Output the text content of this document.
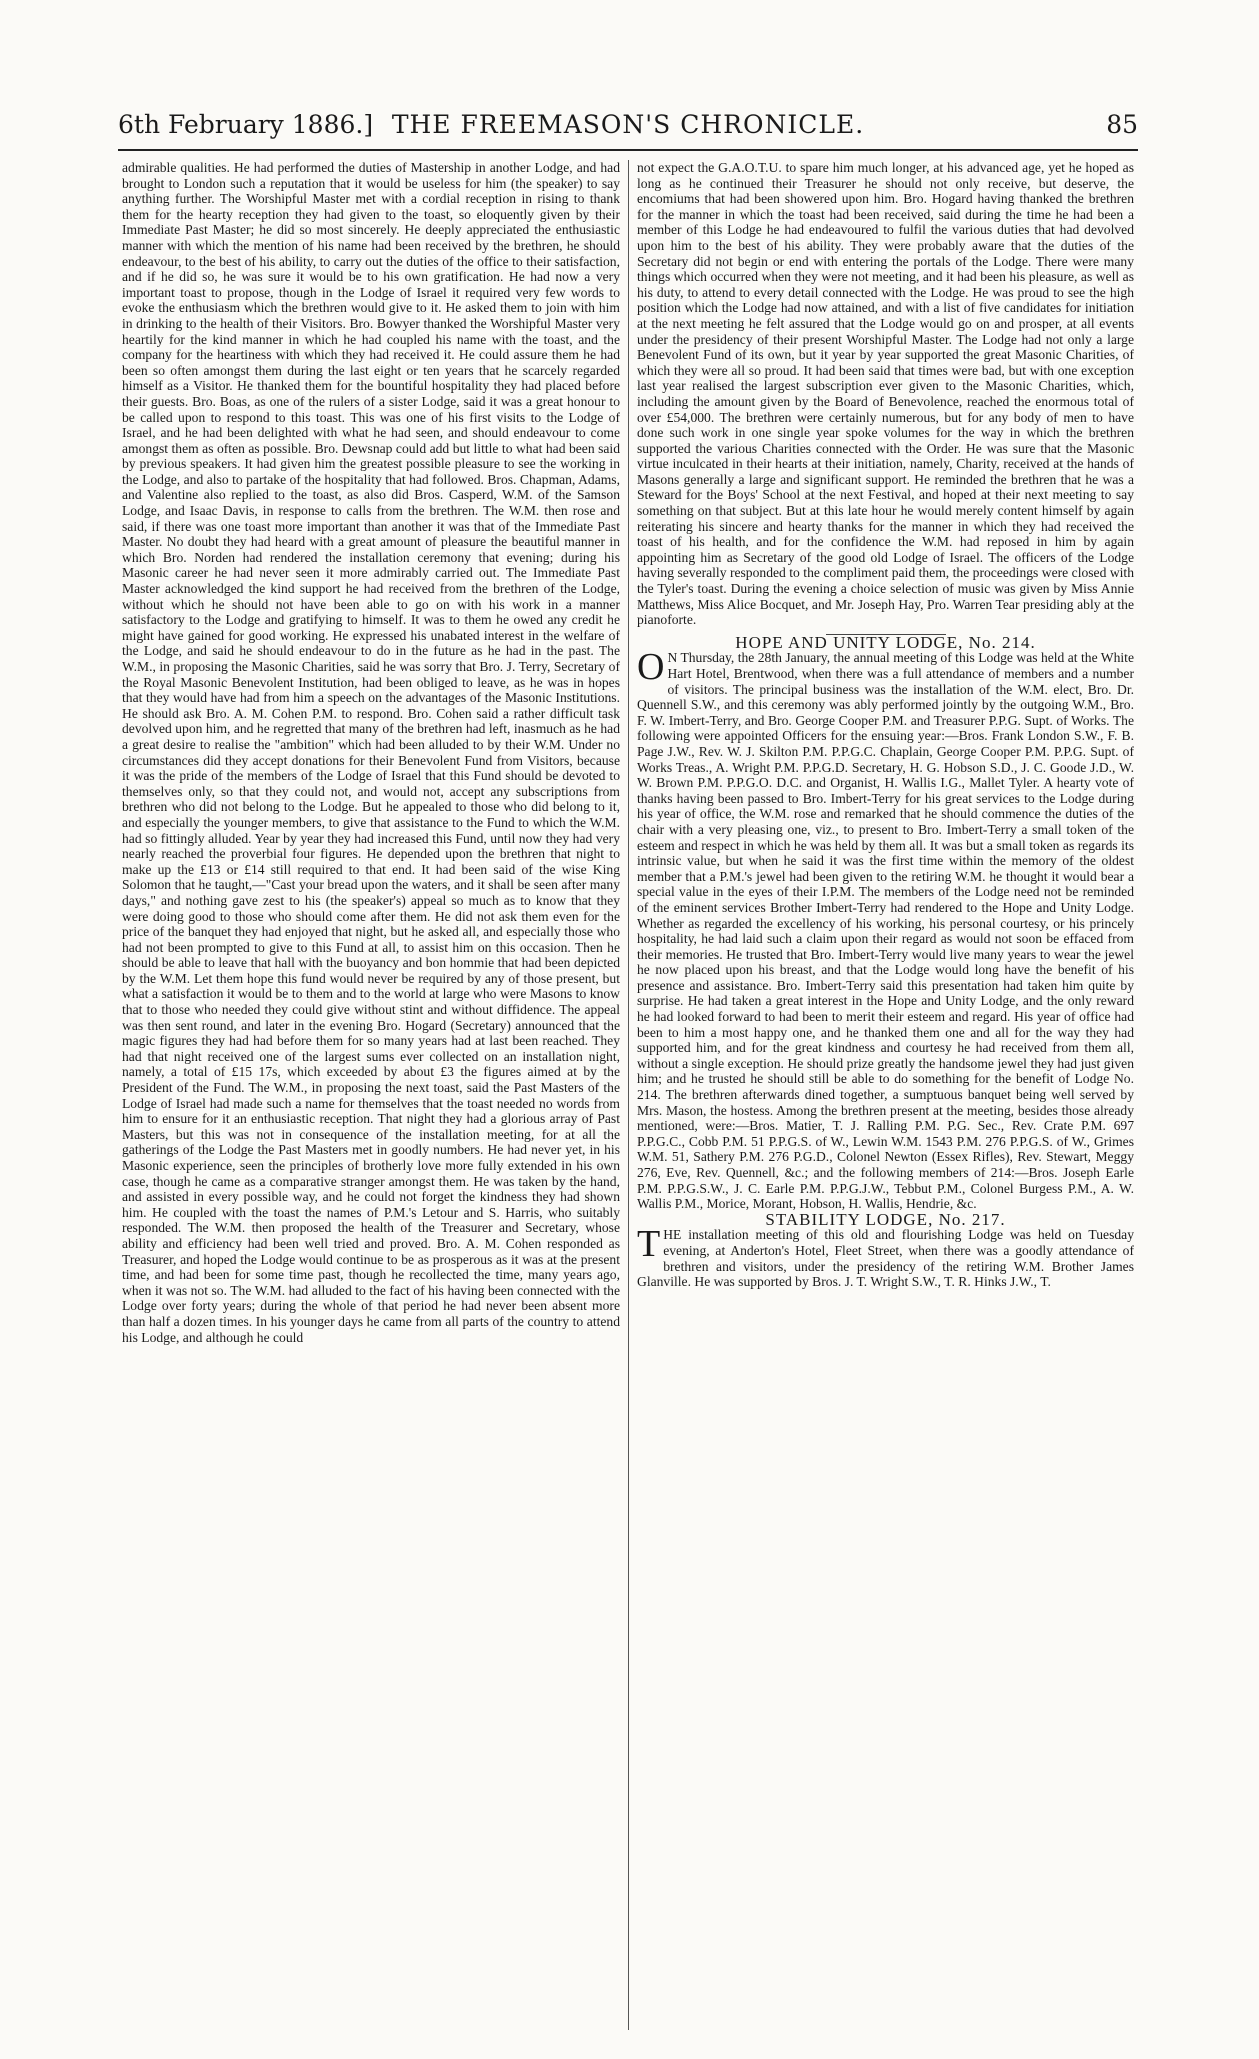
6th February 1886.] THE FREEMASON'S CHRONICLE.	85

admirable qualities. He had performed the duties of Mastership in another Lodge, and had brought to London such a reputation that it would be useless for him (the speaker) to say anything further. The Worshipful Master met with a cordial reception in rising to thank them for the hearty reception they had given to the toast, so eloquently given by their Immediate Past Master; he did so most sincerely. He deeply appreciated the enthusiastic manner with which the mention of his name had been received by the brethren, he should endeavour, to the best of his ability, to carry out the duties of the office to their satisfaction, and if he did so, he was sure it would be to his own gratification. He had now a very important toast to propose, though in the Lodge of Israel it required very few words to evoke the enthusiasm which the brethren would give to it. He asked them to join with him in drinking to the health of their Visitors. Bro. Bowyer thanked the Worshipful Master very heartily for the kind manner in which he had coupled his name with the toast, and the company for the heartiness with which they had received it. He could assure them he had been so often amongst them during the last eight or ten years that he scarcely regarded himself as a Visitor. He thanked them for the bountiful hospitality they had placed before their guests. Bro. Boas, as one of the rulers of a sister Lodge, said it was a great honour to be called upon to respond to this toast. This was one of his first visits to the Lodge of Israel, and he had been delighted with what he had seen, and should endeavour to come amongst them as often as possible. Bro. Dewsnap could add but little to what had been said by previous speakers. It had given him the greatest possible pleasure to see the working in the Lodge, and also to partake of the hospitality that had followed. Bros. Chapman, Adams, and Valentine also replied to the toast, as also did Bros. Casperd, W.M. of the Samson Lodge, and Isaac Davis, in response to calls from the brethren. The W.M. then rose and said, if there was one toast more important than another it was that of the Immediate Past Master. No doubt they had heard with a great amount of pleasure the beautiful manner in which Bro. Norden had rendered the installation ceremony that evening; during his Masonic career he had never seen it more admirably carried out. The Immediate Past Master acknowledged the kind support he had received from the brethren of the Lodge, without which he should not have been able to go on with his work in a manner satisfactory to the Lodge and gratifying to himself. It was to them he owed any credit he might have gained for good working. He expressed his unabated interest in the welfare of the Lodge, and said he should endeavour to do in the future as he had in the past. The W.M., in proposing the Masonic Charities, said he was sorry that Bro. J. Terry, Secretary of the Royal Masonic Benevolent Institution, had been obliged to leave, as he was in hopes that they would have had from him a speech on the advantages of the Masonic Institutions. He should ask Bro. A. M. Cohen P.M. to respond. Bro. Cohen said a rather difficult task devolved upon him, and he regretted that many of the brethren had left, inasmuch as he had a great desire to realise the "ambition" which had been alluded to by their W.M. Under no circumstances did they accept donations for their Benevolent Fund from Visitors, because it was the pride of the members of the Lodge of Israel that this Fund should be devoted to themselves only, so that they could not, and would not, accept any subscriptions from brethren who did not belong to the Lodge. But he appealed to those who did belong to it, and especially the younger members, to give that assistance to the Fund to which the W.M. had so fittingly alluded. Year by year they had increased this Fund, until now they had very nearly reached the proverbial four figures. He depended upon the brethren that night to make up the £13 or £14 still required to that end. It had been said of the wise King Solomon that he taught,—"Cast your bread upon the waters, and it shall be seen after many days," and nothing gave zest to his (the speaker's) appeal so much as to know that they were doing good to those who should come after them. He did not ask them even for the price of the banquet they had enjoyed that night, but he asked all, and especially those who had not been prompted to give to this Fund at all, to assist him on this occasion. Then he should be able to leave that hall with the buoyancy and bon hommie that had been depicted by the W.M. Let them hope this fund would never be required by any of those present, but what a satisfaction it would be to them and to the world at large who were Masons to know that to those who needed they could give without stint and without diffidence. The appeal was then sent round, and later in the evening Bro. Hogard (Secretary) announced that the magic figures they had had before them for so many years had at last been reached. They had that night received one of the largest sums ever collected on an installation night, namely, a total of £15 17s, which exceeded by about £3 the figures aimed at by the President of the Fund. The W.M., in proposing the next toast, said the Past Masters of the Lodge of Israel had made such a name for themselves that the toast needed no words from him to ensure for it an enthusiastic reception. That night they had a glorious array of Past Masters, but this was not in consequence of the installation meeting, for at all the gatherings of the Lodge the Past Masters met in goodly numbers. He had never yet, in his Masonic experience, seen the principles of brotherly love more fully extended in his own case, though he came as a comparative stranger amongst them. He was taken by the hand, and assisted in every possible way, and he could not forget the kindness they had shown him. He coupled with the toast the names of P.M.'s Letour and S. Harris, who suitably responded. The W.M. then proposed the health of the Treasurer and Secretary, whose ability and efficiency had been well tried and proved. Bro. A. M. Cohen responded as Treasurer, and hoped the Lodge would continue to be as prosperous as it was at the present time, and had been for some time past, though he recollected the time, many years ago, when it was not so. The W.M. had alluded to the fact of his having been connected with the Lodge over forty years; during the whole of that period he had never been absent more than half a dozen times. In his younger days he came from all parts of the country to attend his Lodge, and although he could

not expect the G.A.O.T.U. to spare him much longer, at his advanced age, yet he hoped as long as he continued their Treasurer he should not only receive, but deserve, the encomiums that had been showered upon him. Bro. Hogard having thanked the brethren for the manner in which the toast had been received, said during the time he had been a member of this Lodge he had endeavoured to fulfil the various duties that had devolved upon him to the best of his ability. They were probably aware that the duties of the Secretary did not begin or end with entering the portals of the Lodge. There were many things which occurred when they were not meeting, and it had been his pleasure, as well as his duty, to attend to every detail connected with the Lodge. He was proud to see the high position which the Lodge had now attained, and with a list of five candidates for initiation at the next meeting he felt assured that the Lodge would go on and prosper, at all events under the presidency of their present Worshipful Master. The Lodge had not only a large Benevolent Fund of its own, but it year by year supported the great Masonic Charities, of which they were all so proud. It had been said that times were bad, but with one exception last year realised the largest subscription ever given to the Masonic Charities, which, including the amount given by the Board of Benevolence, reached the enormous total of over £54,000. The brethren were certainly numerous, but for any body of men to have done such work in one single year spoke volumes for the way in which the brethren supported the various Charities connected with the Order. He was sure that the Masonic virtue inculcated in their hearts at their initiation, namely, Charity, received at the hands of Masons generally a large and significant support. He reminded the brethren that he was a Steward for the Boys' School at the next Festival, and hoped at their next meeting to say something on that subject. But at this late hour he would merely content himself by again reiterating his sincere and hearty thanks for the manner in which they had received the toast of his health, and for the confidence the W.M. had reposed in him by again appointing him as Secretary of the good old Lodge of Israel. The officers of the Lodge having severally responded to the compliment paid them, the proceedings were closed with the Tyler's toast. During the evening a choice selection of music was given by Miss Annie Matthews, Miss Alice Bocquet, and Mr. Joseph Hay, Pro. Warren Tear presiding ably at the pianoforte.

HOPE AND UNITY LODGE, No. 214.

ON Thursday, the 28th January, the annual meeting of this Lodge was held at the White Hart Hotel, Brentwood, when there was a full attendance of members and a number of visitors. The principal business was the installation of the W.M. elect, Bro. Dr. Quennell S.W., and this ceremony was ably performed jointly by the outgoing W.M., Bro. F. W. Imbert-Terry, and Bro. George Cooper P.M. and Treasurer P.P.G. Supt. of Works. The following were appointed Officers for the ensuing year:—Bros. Frank London S.W., F. B. Page J.W., Rev. W. J. Skilton P.M. P.P.G.C. Chaplain, George Cooper P.M. P.P.G. Supt. of Works Treas., A. Wright P.M. P.P.G.D. Secretary, H. G. Hobson S.D., J. C. Goode J.D., W. W. Brown P.M. P.P.G.O. D.C. and Organist, H. Wallis I.G., Mallet Tyler. A hearty vote of thanks having been passed to Bro. Imbert-Terry for his great services to the Lodge during his year of office, the W.M. rose and remarked that he should commence the duties of the chair with a very pleasing one, viz., to present to Bro. Imbert-Terry a small token of the esteem and respect in which he was held by them all. It was but a small token as regards its intrinsic value, but when he said it was the first time within the memory of the oldest member that a P.M.'s jewel had been given to the retiring W.M. he thought it would bear a special value in the eyes of their I.P.M. The members of the Lodge need not be reminded of the eminent services Brother Imbert-Terry had rendered to the Hope and Unity Lodge. Whether as regarded the excellency of his working, his personal courtesy, or his princely hospitality, he had laid such a claim upon their regard as would not soon be effaced from their memories. He trusted that Bro. Imbert-Terry would live many years to wear the jewel he now placed upon his breast, and that the Lodge would long have the benefit of his presence and assistance. Bro. Imbert-Terry said this presentation had taken him quite by surprise. He had taken a great interest in the Hope and Unity Lodge, and the only reward he had looked forward to had been to merit their esteem and regard. His year of office had been to him a most happy one, and he thanked them one and all for the way they had supported him, and for the great kindness and courtesy he had received from them all, without a single exception. He should prize greatly the handsome jewel they had just given him; and he trusted he should still be able to do something for the benefit of Lodge No. 214. The brethren afterwards dined together, a sumptuous banquet being well served by Mrs. Mason, the hostess. Among the brethren present at the meeting, besides those already mentioned, were:—Bros. Matier, T. J. Ralling P.M. P.G. Sec., Rev. Crate P.M. 697 P.P.G.C., Cobb P.M. 51 P.P.G.S. of W., Lewin W.M. 1543 P.M. 276 P.P.G.S. of W., Grimes W.M. 51, Sathery P.M. 276 P.G.D., Colonel Newton (Essex Rifles), Rev. Stewart, Meggy 276, Eve, Rev. Quennell, &c.; and the following members of 214:—Bros. Joseph Earle P.M. P.P.G.S.W., J. C. Earle P.M. P.P.G.J.W., Tebbut P.M., Colonel Burgess P.M., A. W. Wallis P.M., Morice, Morant, Hobson, H. Wallis, Hendrie, &c.

STABILITY LODGE, No. 217.

THE installation meeting of this old and flourishing Lodge was held on Tuesday evening, at Anderton's Hotel, Fleet Street, when there was a goodly attendance of brethren and visitors, under the presidency of the retiring W.M. Brother James Glanville. He was supported by Bros. J. T. Wright S.W., T. R. Hinks J.W., T.
